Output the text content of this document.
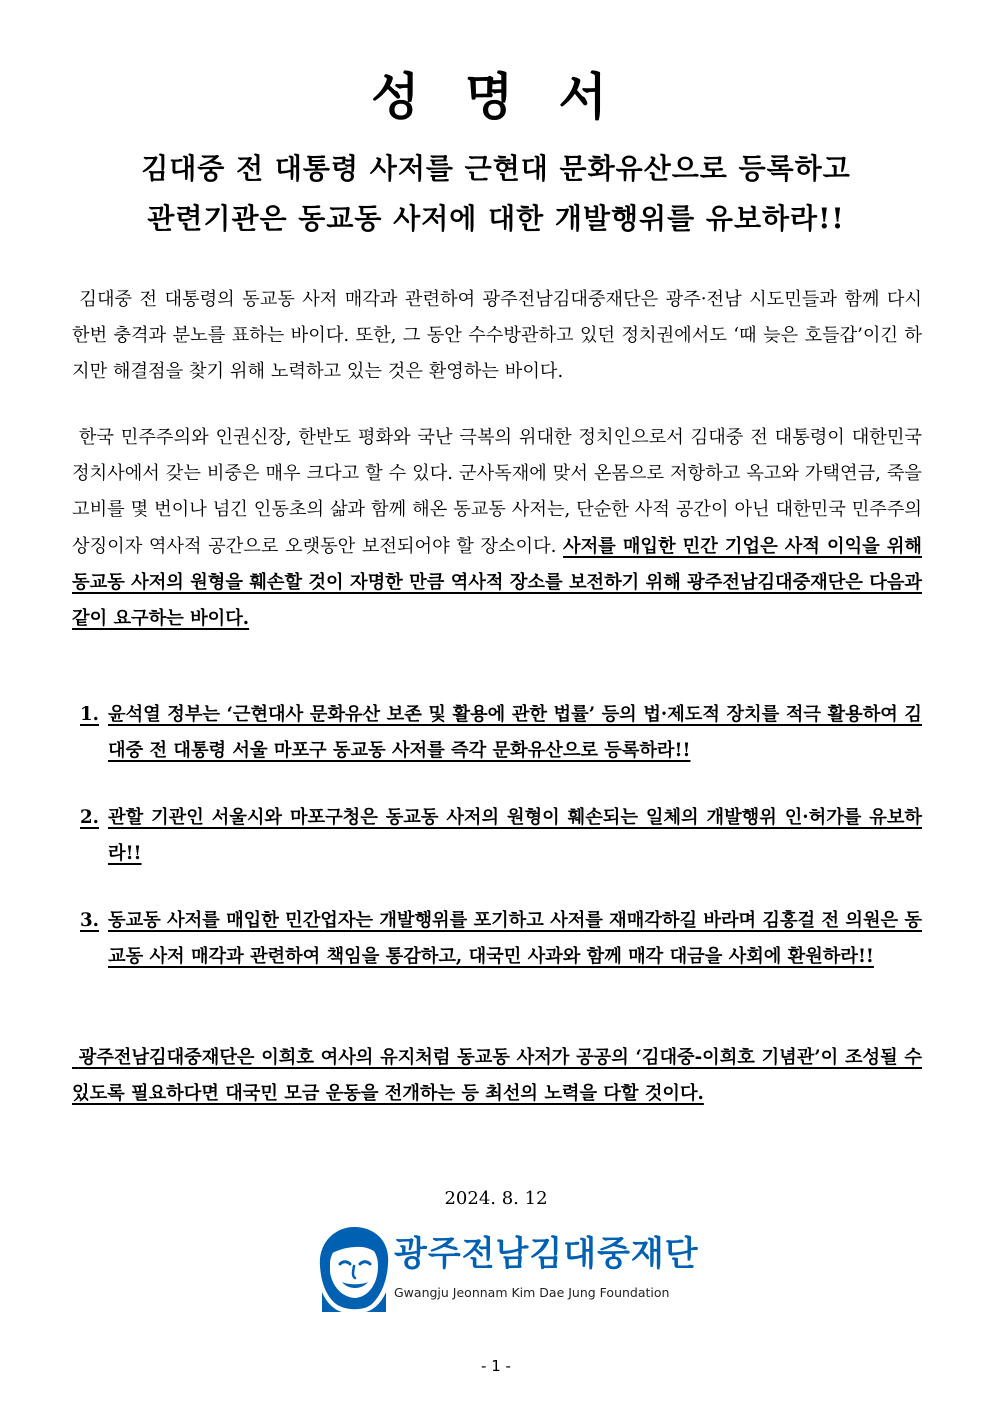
성 명 서

김대중 전 대통령 사저를 근현대 문화유산으로 등록하고

관련기관은 동교동 사저에 대한 개발행위를 유보하라!!

김대중 전 대통령의 동교동 사저 매각과 관련하여 광주전남김대중재단은 광주·전남 시도민들과 함께 다시 한번 충격과 분노를 표하는 바이다. 또한, 그 동안 수수방관하고 있던 정치권에서도 ‘때 늦은 호들갑’이긴 하지만 해결점을 찾기 위해 노력하고 있는 것은 환영하는 바이다.

한국 민주주의와 인권신장, 한반도 평화와 국난 극복의 위대한 정치인으로서 김대중 전 대통령이 대한민국 정치사에서 갖는 비중은 매우 크다고 할 수 있다. 군사독재에 맞서 온몸으로 저항하고 옥고와 가택연금, 죽을 고비를 몇 번이나 넘긴 인동초의 삶과 함께 해온 동교동 사저는, 단순한 사적 공간이 아닌 대한민국 민주주의 상징이자 역사적 공간으로 오랫동안 보전되어야 할 장소이다. 사저를 매입한 민간 기업은 사적 이익을 위해 동교동 사저의 원형을 훼손할 것이 자명한 만큼 역사적 장소를 보전하기 위해 광주전남김대중재단은 다음과 같이 요구하는 바이다.

1. 윤석열 정부는 ‘근현대사 문화유산 보존 및 활용에 관한 법률’ 등의 법·제도적 장치를 적극 활용하여 김대중 전 대통령 서울 마포구 동교동 사저를 즉각 문화유산으로 등록하라!!
2. 관할 기관인 서울시와 마포구청은 동교동 사저의 원형이 훼손되는 일체의 개발행위 인·허가를 유보하라!!
3. 동교동 사저를 매입한 민간업자는 개발행위를 포기하고 사저를 재매각하길 바라며 김홍걸 전 의원은 동교동 사저 매각과 관련하여 책임을 통감하고, 대국민 사과와 함께 매각 대금을 사회에 환원하라!!

광주전남김대중재단은 이희호 여사의 유지처럼 동교동 사저가 공공의 ‘김대중-이희호 기념관’이 조성될 수 있도록 필요하다면 대국민 모금 운동을 전개하는 등 최선의 노력을 다할 것이다.

2024. 8. 12

광주전남김대중재단
Gwangju Jeonnam Kim Dae Jung Foundation

- 1 -
